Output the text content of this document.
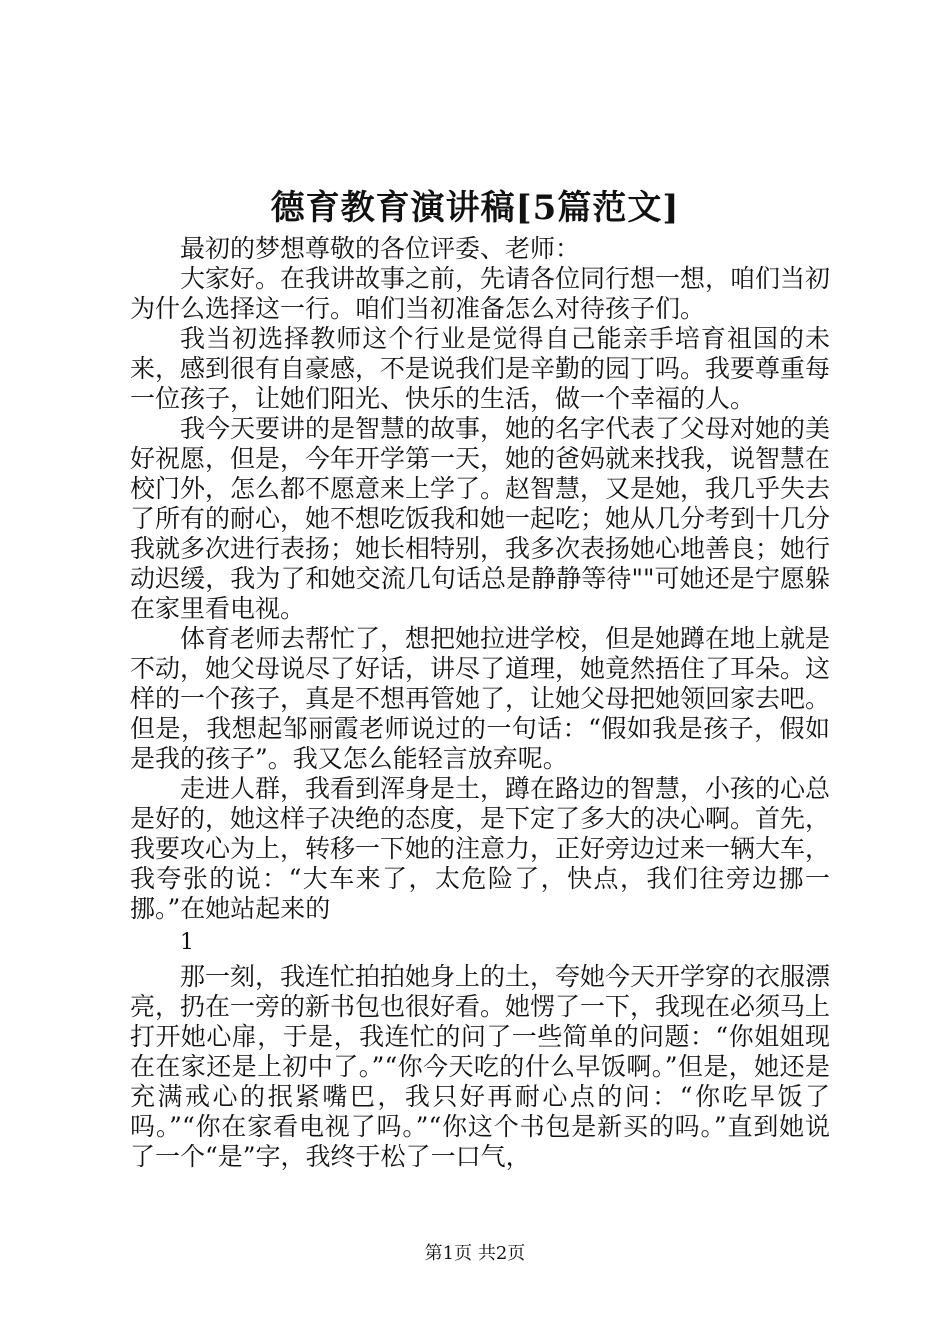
德育教育演讲稿[5篇范文]

最初的梦想尊敬的各位评委、老师：

大家好。在我讲故事之前，先请各位同行想一想，咱们当初为什么选择这一行。咱们当初准备怎么对待孩子们。

我当初选择教师这个行业是觉得自己能亲手培育祖国的未来，感到很有自豪感，不是说我们是辛勤的园丁吗。我要尊重每一位孩子，让她们阳光、快乐的生活，做一个幸福的人。

我今天要讲的是智慧的故事，她的名字代表了父母对她的美好祝愿，但是，今年开学第一天，她的爸妈就来找我，说智慧在校门外，怎么都不愿意来上学了。赵智慧，又是她，我几乎失去了所有的耐心，她不想吃饭我和她一起吃；她从几分考到十几分我就多次进行表扬；她长相特别，我多次表扬她心地善良；她行动迟缓，我为了和她交流几句话总是静静等待""可她还是宁愿躲在家里看电视。

体育老师去帮忙了，想把她拉进学校，但是她蹲在地上就是不动，她父母说尽了好话，讲尽了道理，她竟然捂住了耳朵。这样的一个孩子，真是不想再管她了，让她父母把她领回家去吧。但是，我想起邹丽霞老师说过的一句话：“假如我是孩子，假如是我的孩子”。我又怎么能轻言放弃呢。

走进人群，我看到浑身是土，蹲在路边的智慧，小孩的心总是好的，她这样子决绝的态度，是下定了多大的决心啊。首先，我要攻心为上，转移一下她的注意力，正好旁边过来一辆大车，我夸张的说：“大车来了，太危险了，快点，我们往旁边挪一挪。”在她站起来的

1

那一刻，我连忙拍拍她身上的土，夸她今天开学穿的衣服漂亮，扔在一旁的新书包也很好看。她愣了一下，我现在必须马上打开她心扉，于是，我连忙的问了一些简单的问题：“你姐姐现在在家还是上初中了。”“你今天吃的什么早饭啊。”但是，她还是充满戒心的抿紧嘴巴，我只好再耐心点的问：“你吃早饭了吗。”“你在家看电视了吗。”“你这个书包是新买的吗。”直到她说了一个“是”字，我终于松了一口气，

第1页 共2页
